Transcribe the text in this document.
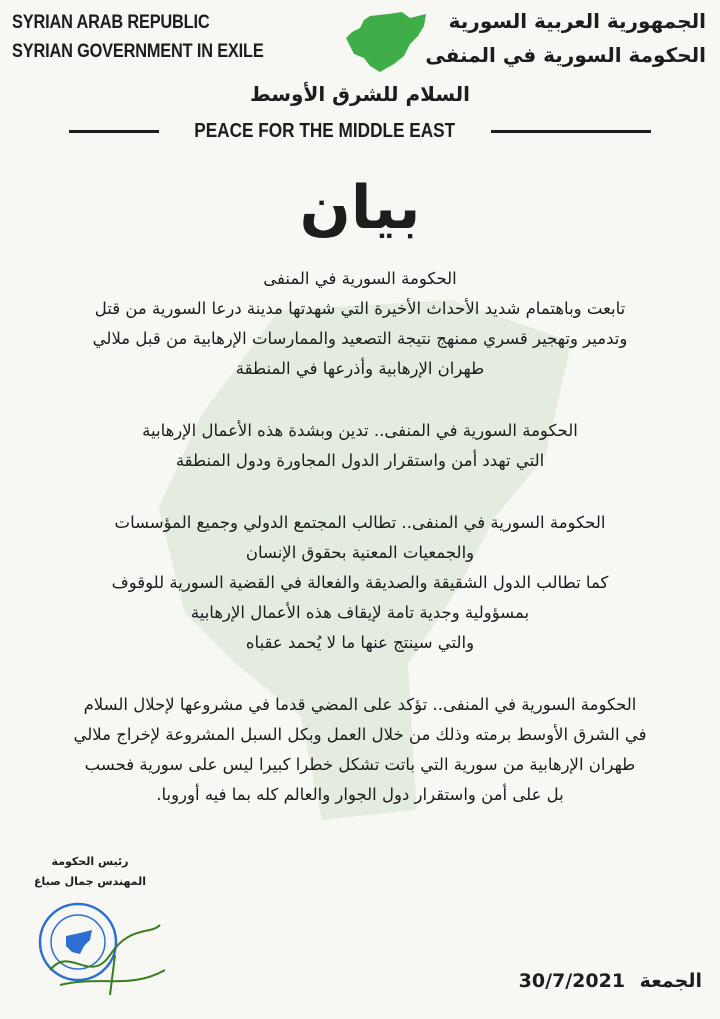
SYRIAN ARAB REPUBLIC
SYRIAN GOVERNMENT IN EXILE
الجمهورية العربية السورية
الحكومة السورية في المنفى
السلام للشرق الأوسط
PEACE FOR THE MIDDLE EAST
بيان
الحكومة السورية في المنفى
تابعت وباهتمام شديد الأحداث الأخيرة التي شهدتها مدينة درعا السورية من قتل
وتدمير وتهجير قسري ممنهج نتيجة التصعيد والممارسات الإرهابية من قبل ملالي
طهران الإرهابية وأذرعها في المنطقة
الحكومة السورية في المنفى.. تدين وبشدة هذه الأعمال الإرهابية
التي تهدد أمن واستقرار الدول المجاورة ودول المنطقة
الحكومة السورية في المنفى.. تطالب المجتمع الدولي وجميع المؤسسات
والجمعيات المعنية بحقوق الإنسان
كما تطالب الدول الشقيقة والصديقة والفعالة في القضية السورية للوقوف
بمسؤولية وجدية تامة لإيقاف هذه الأعمال الإرهابية
والتي سينتج عنها ما لا يُحمد عقباه
الحكومة السورية في المنفى.. تؤكد على المضي قدما في مشروعها لإحلال السلام
في الشرق الأوسط برمته وذلك من خلال العمل وبكل السبل المشروعة لإخراج ملالي
طهران الإرهابية من سورية التي باتت تشكل خطرا كبيرا ليس على سورية فحسب
بل على أمن واستقرار دول الجوار والعالم كله بما فيه أوروبا.
رئيس الحكومة
المهندس جمال صباغ
الجمعة 30/7/2021
